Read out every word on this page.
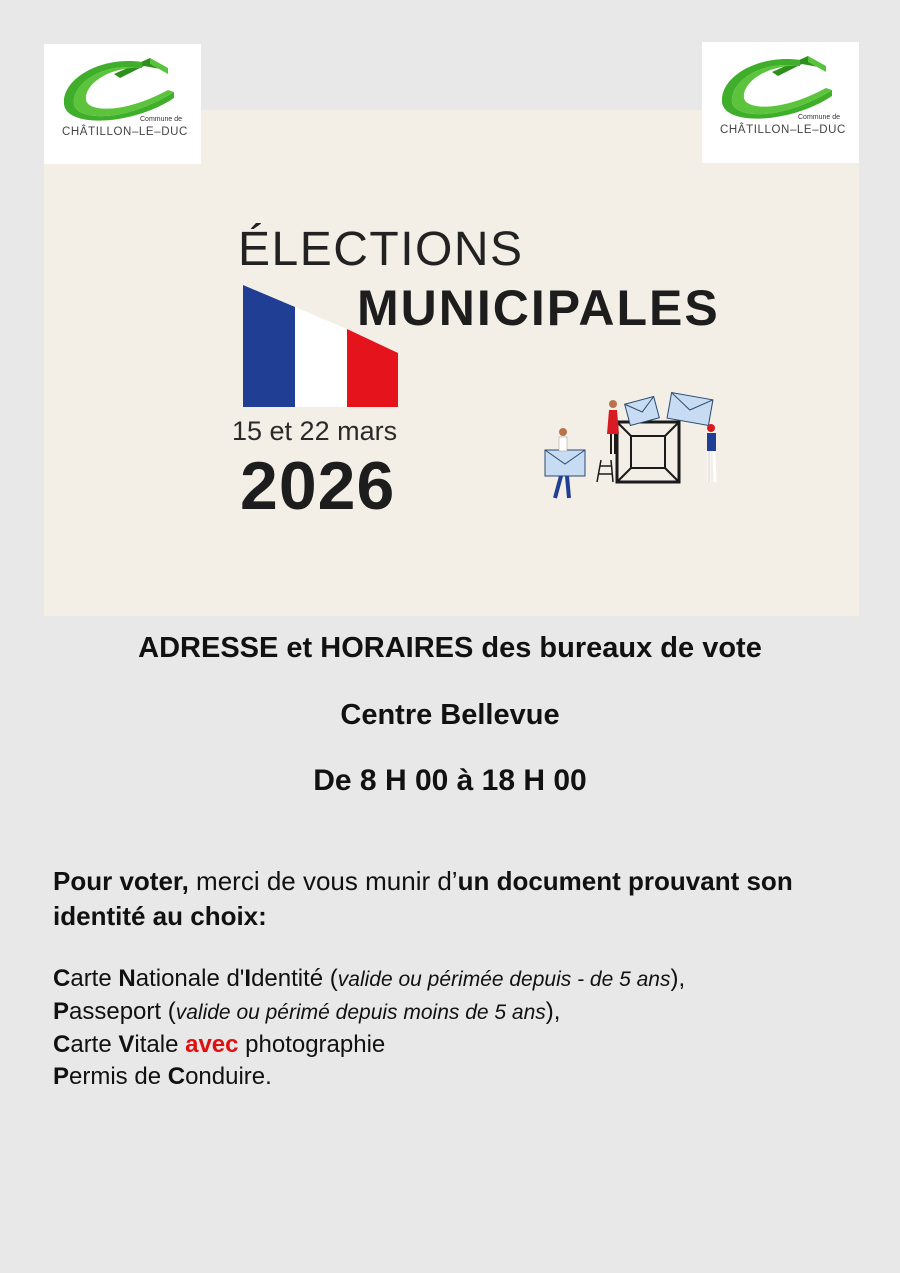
Commune de
CHÂTILLON–LE–DUC
Commune de
CHÂTILLON–LE–DUC
ÉLECTIONS
MUNICIPALES
15 et 22 mars
2026
ADRESSE et HORAIRES des bureaux de vote
Centre Bellevue
De 8 H 00 à 18 H 00
Pour voter, merci de vous munir d’un document prouvant son identité au choix:
Carte Nationale d'Identité (valide ou périmée depuis - de 5 ans),
Passeport (valide ou périmé depuis moins de 5 ans),
Carte Vitale avec photographie
Permis de Conduire.
